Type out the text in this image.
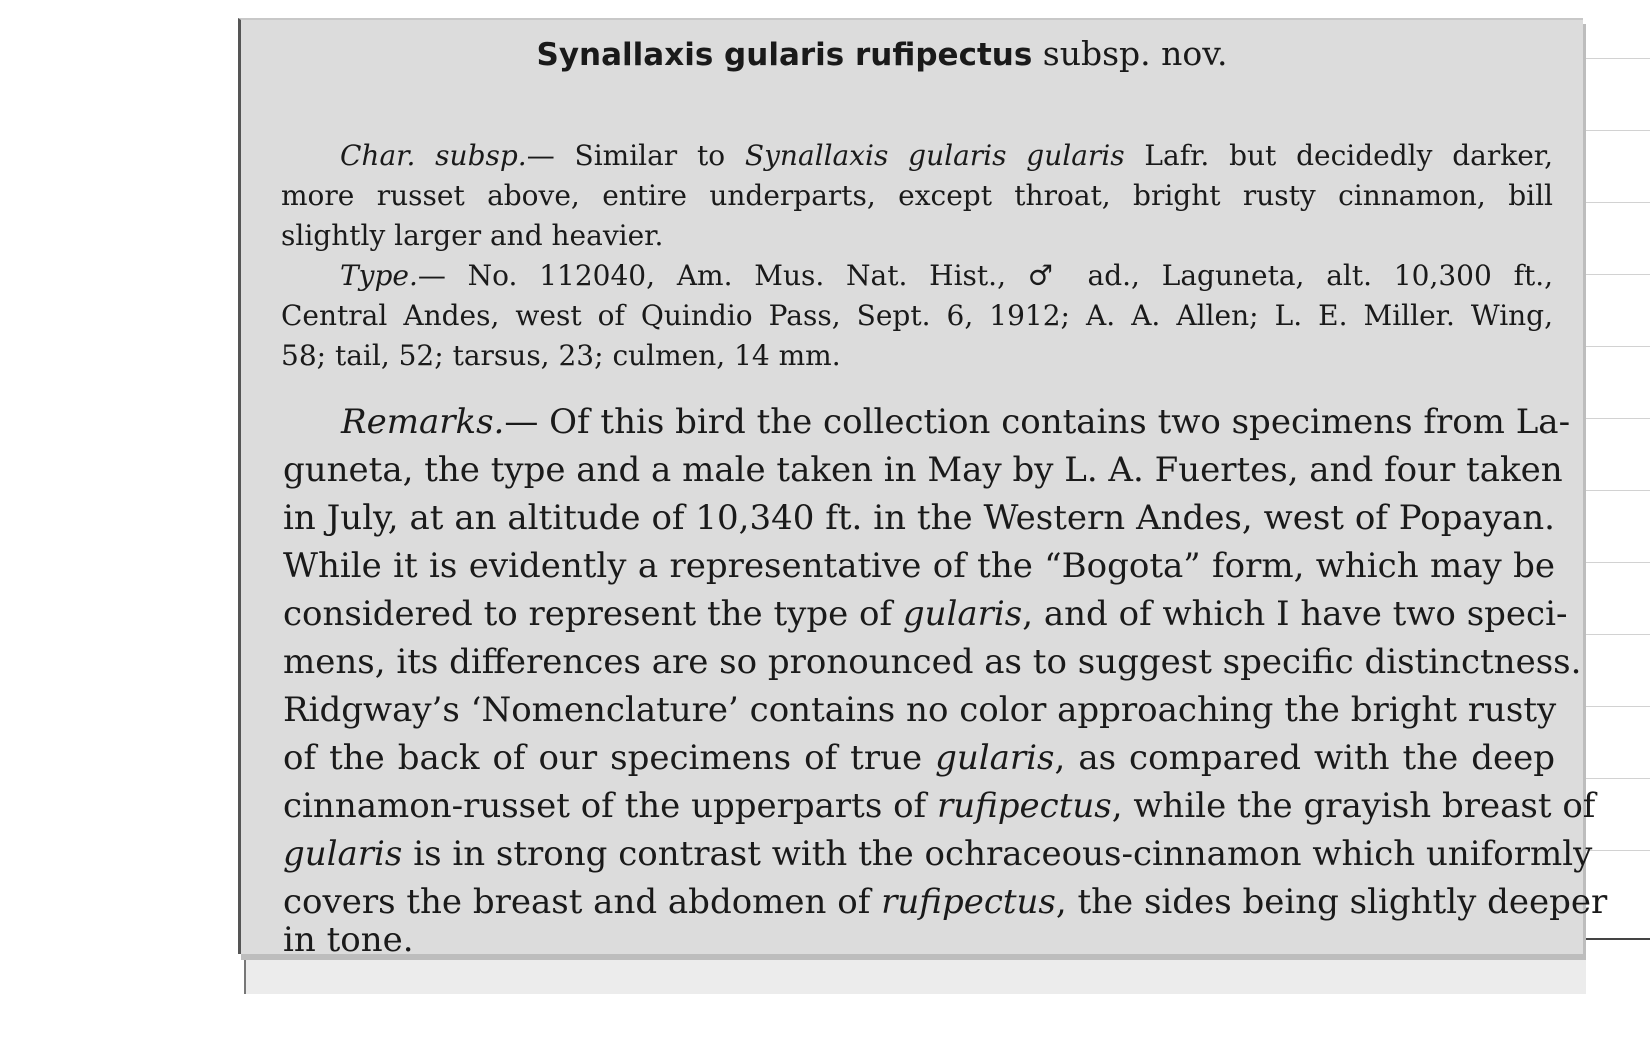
Synallaxis gularis rufipectus subsp. nov.
Char. subsp.— Similar to Synallaxis gularis gularis Lafr. but decidedly darker,
more russet above, entire underparts, except throat, bright rusty cinnamon, bill
slightly larger and heavier.
Type.— No. 112040, Am. Mus. Nat. Hist., ♂ ad., Laguneta, alt. 10,300 ft.,
Central Andes, west of Quindio Pass, Sept. 6, 1912; A. A. Allen; L. E. Miller. Wing,
58; tail, 52; tarsus, 23; culmen, 14 mm.
Remarks.— Of this bird the collection contains two specimens from La-
guneta, the type and a male taken in May by L. A. Fuertes, and four taken
in July, at an altitude of 10,340 ft. in the Western Andes, west of Popayan.
While it is evidently a representative of the “Bogota” form, which may be
considered to represent the type of gularis, and of which I have two speci-
mens, its differences are so pronounced as to suggest specific distinctness.
Ridgway’s ‘Nomenclature’ contains no color approaching the bright rusty
of the back of our specimens of true gularis, as compared with the deep
cinnamon-russet of the upperparts of rufipectus, while the grayish breast of
gularis is in strong contrast with the ochraceous-cinnamon which uniformly
covers the breast and abdomen of rufipectus, the sides being slightly deeper
in tone.
